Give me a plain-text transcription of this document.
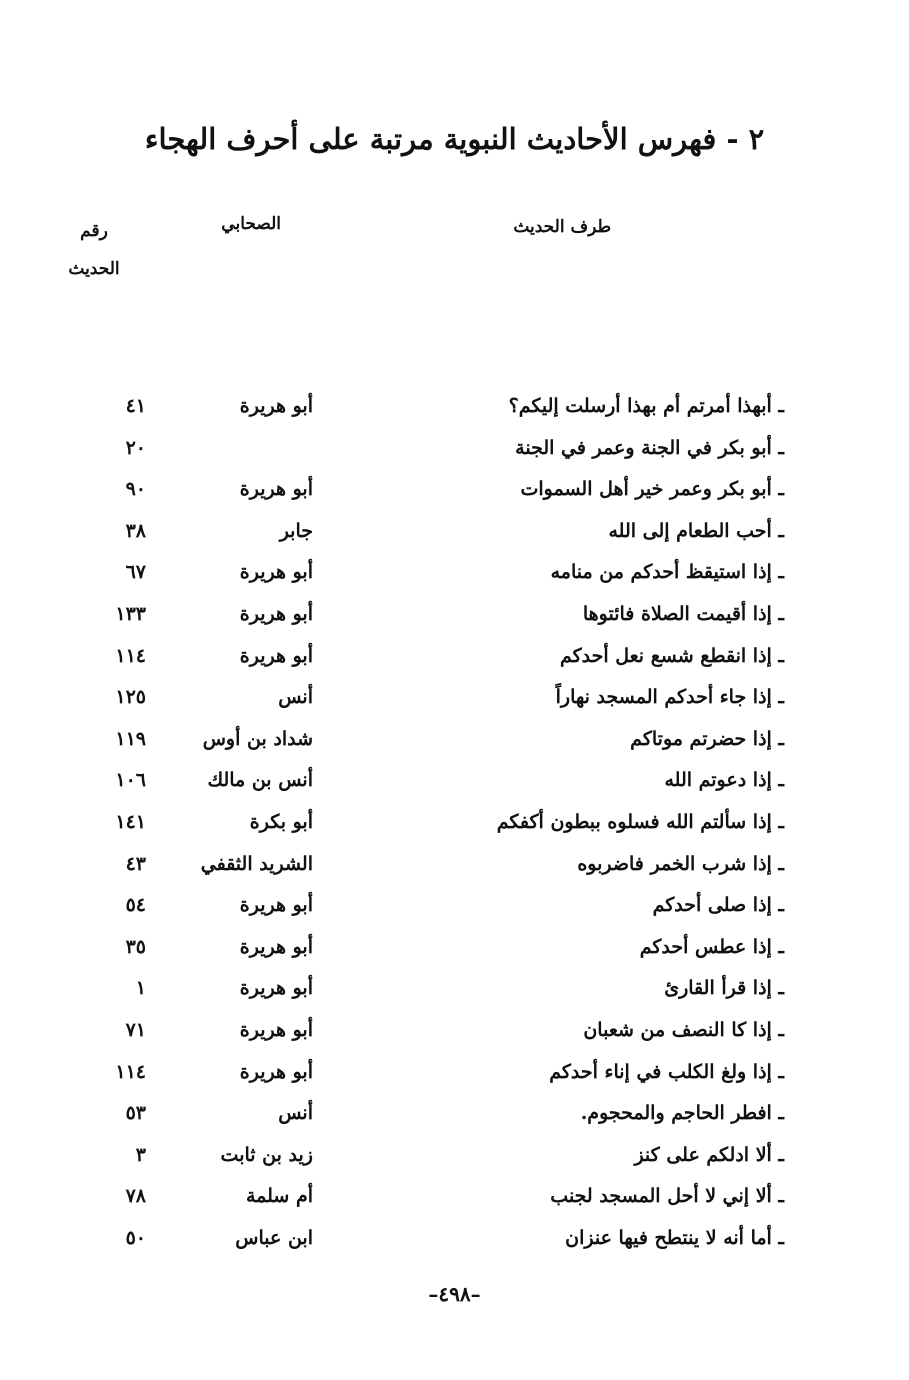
٢ - فهرس الأحاديث النبوية مرتبة على أحرف الهجاء
رقم الحديث
الصحابي	طرف الحديث
ـ أبهذا أمرتم أم بهذا أرسلت إليكم؟
أبو هريرة
٤١
ـ أبو بكر في الجنة وعمر في الجنة
٢٠
ـ أبو بكر وعمر خير أهل السموات
أبو هريرة
٩٠
ـ أحب الطعام إلى الله
جابر
٣٨
ـ إذا استيقظ أحدكم من منامه
أبو هريرة
٦٧
ـ إذا أقيمت الصلاة فائتوها
أبو هريرة
١٣٣
ـ إذا انقطع شسع نعل أحدكم
أبو هريرة
١١٤
ـ إذا جاء أحدكم المسجد نهاراً
أنس
١٢٥
ـ إذا حضرتم موتاكم
شداد بن أوس
١١٩
ـ إذا دعوتم الله
أنس بن مالك
١٠٦
ـ إذا سألتم الله فسلوه ببطون أكفكم
أبو بكرة
١٤١
ـ إذا شرب الخمر فاضربوه
الشريد الثقفي
٤٣
ـ إذا صلى أحدكم
أبو هريرة
٥٤
ـ إذا عطس أحدكم
أبو هريرة
٣٥
ـ إذا قرأ القارئ
أبو هريرة
١
ـ إذا كا النصف من شعبان
أبو هريرة
٧١
ـ إذا ولغ الكلب في إناء أحدكم
أبو هريرة
١١٤
ـ افطر الحاجم والمحجوم.
أنس
٥٣
ـ ألا ادلكم على كنز
زيد بن ثابت
٣
ـ ألا إني لا أحل المسجد لجنب
أم سلمة
٧٨
ـ أما أنه لا ينتطح فيها عنزان
ابن عباس
٥٠
–٤٩٨–
